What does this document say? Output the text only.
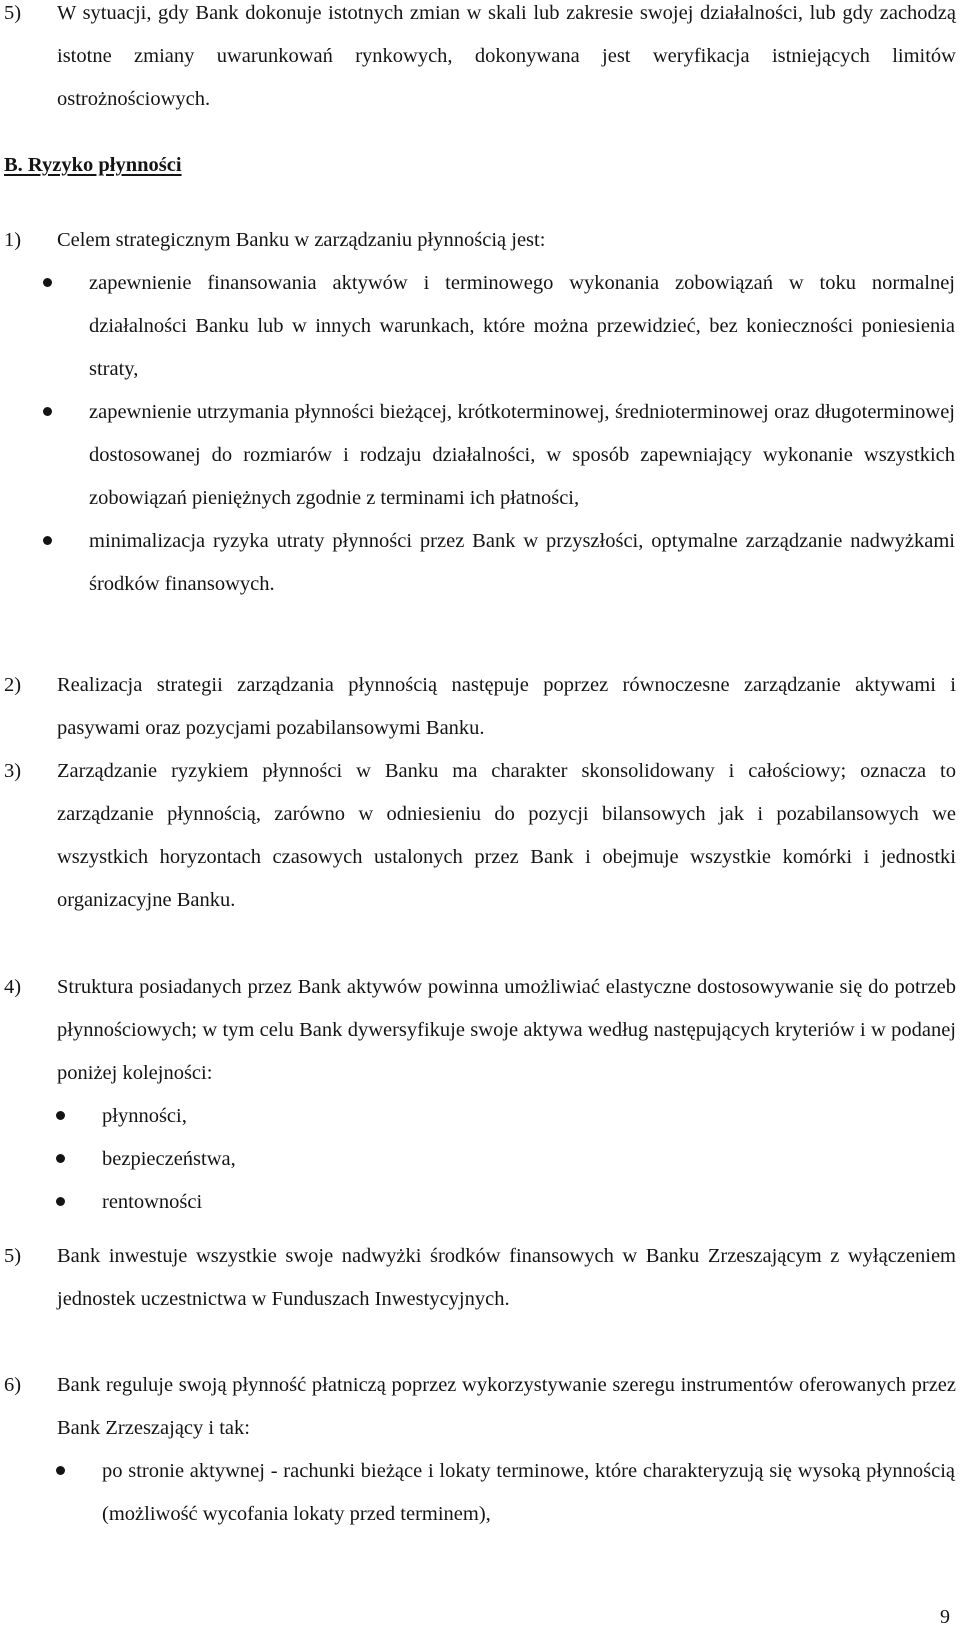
5) W sytuacji, gdy Bank dokonuje istotnych zmian w skali lub zakresie swojej działalności, lub gdy zachodzą istotne zmiany uwarunkowań rynkowych, dokonywana jest weryfikacja istniejących limitów ostrożnościowych.
B. Ryzyko płynności
1) Celem strategicznym Banku w zarządzaniu płynnością jest:
zapewnienie finansowania aktywów i terminowego wykonania zobowiązań w toku normalnej działalności Banku lub w innych warunkach, które można przewidzieć, bez konieczności poniesienia straty,
zapewnienie utrzymania płynności bieżącej, krótkoterminowej, średnioterminowej oraz długoterminowej dostosowanej do rozmiarów i rodzaju działalności, w sposób zapewniający wykonanie wszystkich zobowiązań pieniężnych zgodnie z terminami ich płatności,
minimalizacja ryzyka utraty płynności przez Bank w przyszłości, optymalne zarządzanie nadwyżkami środków finansowych.
2) Realizacja strategii zarządzania płynnością następuje poprzez równoczesne zarządzanie aktywami i pasywami oraz pozycjami pozabilansowymi Banku.
3) Zarządzanie ryzykiem płynności w Banku ma charakter skonsolidowany i całościowy; oznacza to zarządzanie płynnością, zarówno w odniesieniu do pozycji bilansowych jak i pozabilansowych we wszystkich horyzontach czasowych ustalonych przez Bank i obejmuje wszystkie komórki i jednostki organizacyjne Banku.
4) Struktura posiadanych przez Bank aktywów powinna umożliwiać elastyczne dostosowywanie się do potrzeb płynnościowych; w tym celu Bank dywersyfikuje swoje aktywa według następujących kryteriów i w podanej poniżej kolejności:
płynności,
bezpieczeństwa,
rentowności
5) Bank inwestuje wszystkie swoje nadwyżki środków finansowych w Banku Zrzeszającym z wyłączeniem jednostek uczestnictwa w Funduszach Inwestycyjnych.
6) Bank reguluje swoją płynność płatniczą poprzez wykorzystywanie szeregu instrumentów oferowanych przez Bank Zrzeszający i tak:
po stronie aktywnej - rachunki bieżące i lokaty terminowe, które charakteryzują się wysoką płynnością (możliwość wycofania lokaty przed terminem),
9
